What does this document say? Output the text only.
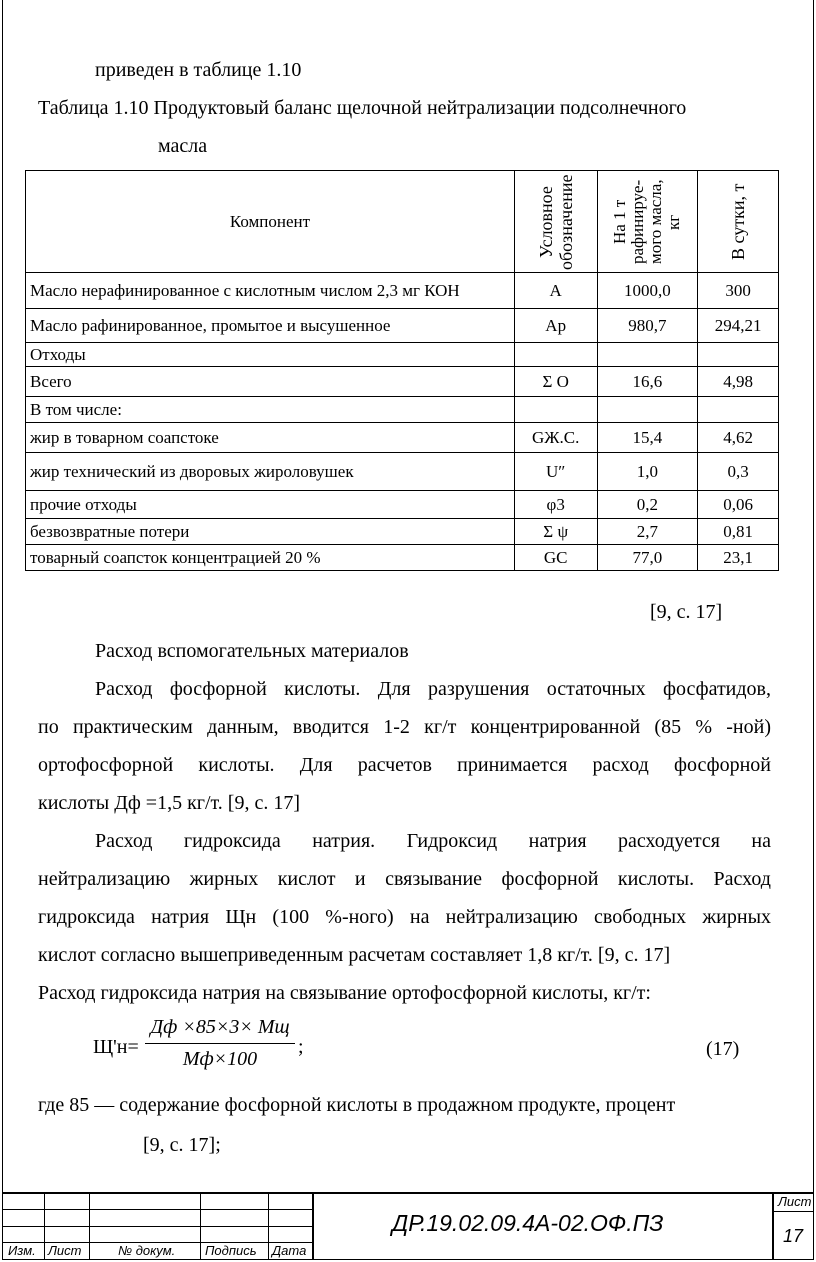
приведен в таблице 1.10
Таблица 1.10 Продуктовый баланс щелочной нейтрализации подсолнечного
масла
Компонент	Условное обозначение	На 1 т рафинируе-мого масла, кг	В сутки, т

Масло нерафинированное с кислотным числом 2,3 мг КОН	А	1000,0	300
Масло рафинированное, промытое и высушенное	Ар	980,7	294,21
Отходы			
Всего	Σ О	16,6	4,98
В том числе:			
жир в товарном соапстоке	GЖ.С.	15,4	4,62
жир технический из дворовых жироловушек	U″	1,0	0,3
прочие отходы	φ3	0,2	0,06
безвозвратные потери	Σ ψ	2,7	0,81
товарный соапсток концентрацией 20 %	GС	77,0	23,1
[9, с. 17]
Расход вспомогательных материалов
Расход фосфорной кислоты. Для разрушения остаточных фосфатидов,
по практическим данным, вводится 1-2 кг/т концентрированной (85 % -ной)
ортофосфорной кислоты. Для расчетов принимается расход фосфорной
кислоты Дф =1,5 кг/т. [9, с. 17]
Расход гидроксида натрия. Гидроксид натрия расходуется на
нейтрализацию жирных кислот и связывание фосфорной кислоты. Расход
гидроксида натрия Щн (100 %-ного) на нейтрализацию свободных жирных
кислот согласно вышеприведенным расчетам составляет 1,8 кг/т. [9, с. 17]
Расход гидроксида натрия на связывание ортофосфорной кислоты, кг/т:
Щ'н=
Дф ×85×3× Мщ
Мф×100
;	(17)
где 85 — содержание фосфорной кислоты в продажном продукте, процент
[9, с. 17];
Изм. Лист	№ докум. Подпись Дата
ДР.19.02.09.4А-02.ОФ.ПЗ
Лист
17
